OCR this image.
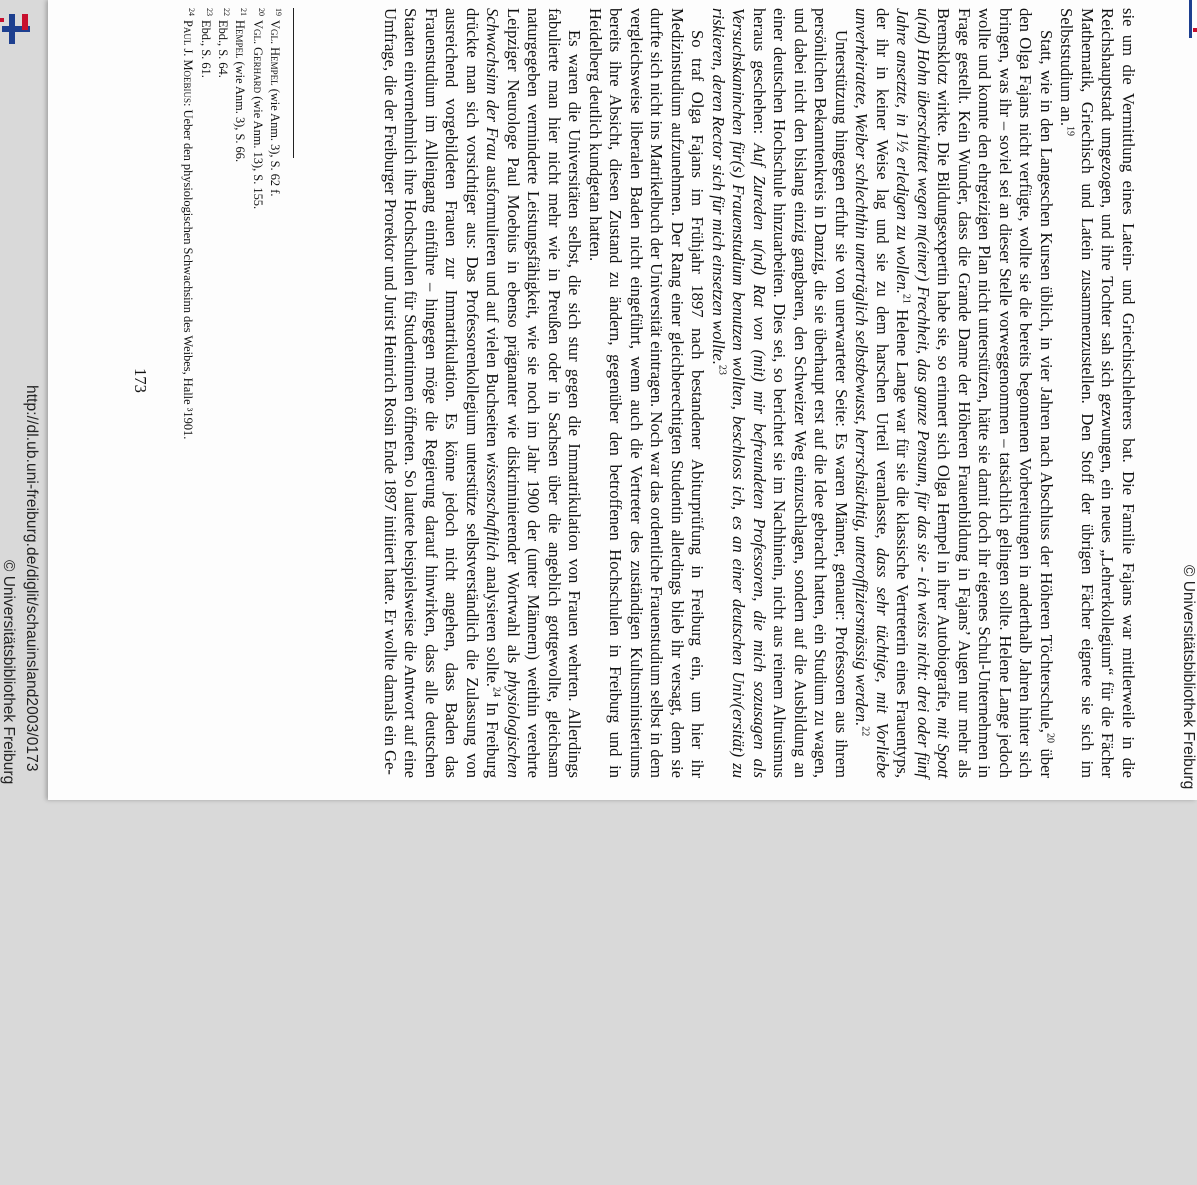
http://dl.ub.uni-freiburg.de/diglit/schauinsland2003/0173
© Universitätsbibliothek Freiburg	sie um die Vermittlung eines Latein- und Griechischlehrers bat. Die Familie Fajans war mittlerweile in die Reichshauptstadt umgezogen, und ihre Tochter sah sich gezwungen, ein neues „Lehrerkollegium“ für die Fächer Mathematik, Griechisch und Latein zusammenzustellen. Den Stoff der übrigen Fächer eignete sie sich im Selbststudium an.$^{19}$

Statt, wie in den Langeschen Kursen üblich, in vier Jahren nach Abschluss der Höheren Töchterschule,$^{20}$ über den Olga Fajans nicht verfügte, wollte sie die bereits begonnenen Vorbereitungen in anderthalb Jahren hinter sich bringen, was ihr – soviel sei an dieser Stelle vorweggenommen – tatsächlich gelingen sollte. Helene Lange jedoch wollte und konnte den ehrgeizigen Plan nicht unterstützen, hätte sie damit doch ihr eigenes Schul-Unternehmen in Frage gestellt. Kein Wunder, dass die Grande Dame der Höheren Frauenbildung in Fajans’ Augen nur mehr als Bremsklotz wirkte. Die Bildungsexpertin habe sie, so erinnert sich Olga Hempel in ihrer Autobiografie, mit Spott u(nd) Hohn überschüttet wegen m(einer) Frechheit, das ganze Pensum, für das sie - ich weiss nicht: drei oder fünf Jahre ansetzte, in 1½ erledigen zu wollen.$^{21}$ Helene Lange war für sie die klassische Vertreterin eines Frauentyps, der ihr in keiner Weise lag und sie zu dem harschen Urteil veranlasste, dass sehr tüchtige, mit Vorliebe unverheiratete, Weiber schlechthin unerträglich selbstbewusst, herrschsüchtig, unteroffiziersmässig werden.$^{22}$

Unterstützung hingegen erfuhr sie von unerwarteter Seite: Es waren Männer, genauer: Professoren aus ihrem persönlichen Bekanntenkreis in Danzig, die sie überhaupt erst auf die Idee gebracht hatten, ein Studium zu wagen, und dabei nicht den bislang einzig gangbaren, den Schweizer Weg einzuschlagen, sondern auf die Ausbildung an einer deutschen Hochschule hinzuarbeiten. Dies sei, so berichtet sie im Nachhinein, nicht aus reinem Altruismus heraus geschehen: Auf Zureden u(nd) Rat von (mit) mir befreundeten Professoren, die mich sozusagen als Versuchskaninchen für(s) Frauenstudium benutzen wollten, beschloss ich, es an einer deutschen Univ(ersität) zu riskieren, deren Rector sich für mich einsetzen wollte.$^{23}$

So traf Olga Fajans im Frühjahr 1897 nach bestandener Abiturprüfung in Freiburg ein, um hier ihr Medizinstudium aufzunehmen. Der Rang einer gleichberechtigten Studentin allerdings blieb ihr versagt, denn sie durfte sich nicht ins Matrikelbuch der Universität eintragen. Noch war das ordentliche Frauenstudium selbst in dem vergleichsweise liberalen Baden nicht eingeführt, wenn auch die Vertreter des zuständigen Kultusministeriums bereits ihre Absicht, diesen Zustand zu ändern, gegenüber den betroffenen Hochschulen in Freiburg und in Heidelberg deutlich kundgetan hatten.

Es waren die Universitäten selbst, die sich stur gegen die Immatrikulation von Frauen wehrten. Allerdings fabulierte man hier nicht mehr wie in Preußen oder in Sachsen über die angeblich gottgewollte, gleichsam naturgegeben verminderte Leistungsfähigkeit, wie sie noch im Jahr 1900 der (unter Männern) weithin verehrte Leipziger Neurologe Paul Moebius in ebenso prägnanter wie diskriminierender Wortwahl als physiologischen Schwachsinn der Frau ausformulieren und auf vielen Buchseiten wissenschaftlich analysieren sollte.$^{24}$ In Freiburg drückte man sich vorsichtiger aus: Das Professorenkollegium unterstütze selbstverständlich die Zulassung von ausreichend vorgebildeten Frauen zur Immatrikulation. Es könne jedoch nicht angehen, dass Baden das Frauenstudium im Alleingang einführe – hingegen möge die Regierung darauf hinwirken, dass alle deutschen Staaten einvernehmlich ihre Hochschulen für Studentinnen öffneten. So lautete beispielsweise die Antwort auf eine Umfrage, die der Freiburger Prorektor und Jurist Heinrich Rosin Ende 1897 initiiert hatte. Er wollte damals ein Ge-

$^{19}$Vgl. Hempel (wie Anm. 3), S. 62 f.
$^{20}$Vgl. Gerhard (wie Anm. 13), S. 155.
$^{21}$Hempel (wie Anm. 3), S. 66.
$^{22}$Ebd., S. 64.
$^{23}$Ebd., S. 61.
$^{24}$Paul J. Moebius: Ueber den physiologischen Schwachsinn des Weibes, Halle ³1901.
173
© Universitätsbibliothek Freiburg
